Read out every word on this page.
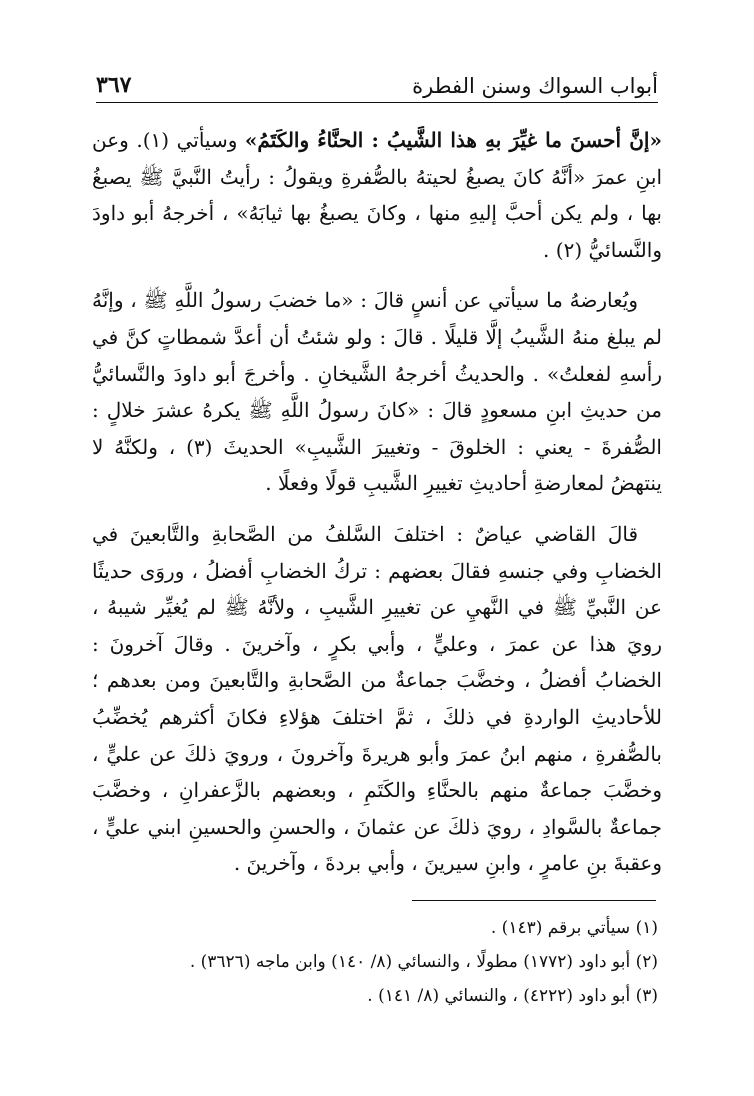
أبواب السواك وسنن الفطرة
٣٦٧

«إنَّ أحسنَ ما غيِّرَ بهِ هذا الشَّيبُ : الحنَّاءُ والكَتَمُ» وسيأتي (١). وعن ابنِ عمرَ «أنَّهُ كانَ يصبغُ لحيتهُ بالصُّفرةِ ويقولُ : رأيتُ النَّبيَّ ﷺ يصبغُ بها ، ولم يكن أحبَّ إليهِ منها ، وكانَ يصبغُ بها ثيابَهُ» ، أخرجهُ أبو داودَ والنَّسائيُّ (٢) .

ويُعارضهُ ما سيأتي عن أنسٍ قالَ : «ما خضبَ رسولُ اللَّهِ ﷺ ، وإنَّهُ لم يبلغ منهُ الشَّيبُ إلَّا قليلًا . قالَ : ولو شئتُ أن أعدَّ شمطاتٍ كنَّ في رأسهِ لفعلتُ» . والحديثُ أخرجهُ الشَّيخانِ . وأخرجَ أبو داودَ والنَّسائيُّ من حديثِ ابنِ مسعودٍ قالَ : «كانَ رسولُ اللَّهِ ﷺ يكرهُ عشرَ خلالٍ : الصُّفرةَ - يعني : الخلوقَ - وتغييرَ الشَّيبِ» الحديثَ (٣) ، ولكنَّهُ لا ينتهضُ لمعارضةِ أحاديثِ تغييرِ الشَّيبِ قولًا وفعلًا .

قالَ القاضي عياضٌ : اختلفَ السَّلفُ من الصَّحابةِ والتَّابعينَ في الخضابِ وفي جنسهِ فقالَ بعضهم : تركُ الخضابِ أفضلُ ، وروَى حديثًا عن النَّبيِّ ﷺ في النَّهيِ عن تغييرِ الشَّيبِ ، ولأنَّهُ ﷺ لم يُغيِّر شيبهُ ، رويَ هذا عن عمرَ ، وعليٍّ ، وأبي بكرٍ ، وآخرينَ . وقالَ آخرونَ : الخضابُ أفضلُ ، وخضَّبَ جماعةٌ من الصَّحابةِ والتَّابعينَ ومن بعدهم ؛ للأحاديثِ الواردةِ في ذلكَ ، ثمَّ اختلفَ هؤلاءِ فكانَ أكثرهم يُخضِّبُ بالصُّفرةِ ، منهم ابنُ عمرَ وأبو هريرةَ وآخرونَ ، ورويَ ذلكَ عن عليٍّ ، وخضَّبَ جماعةٌ منهم بالحنَّاءِ والكَتَمِ ، وبعضهم بالزَّعفرانِ ، وخضَّبَ جماعةٌ بالسَّوادِ ، رويَ ذلكَ عن عثمانَ ، والحسنِ والحسينِ ابني عليٍّ ، وعقبةَ بنِ عامرٍ ، وابنِ سيرينَ ، وأبي بردةَ ، وآخرينَ .

(١) سيأتي برقم (١٤٣) .
(٢) أبو داود (١٧٧٢) مطولًا ، والنسائي (٨/ ١٤٠) وابن ماجه (٣٦٢٦) .
(٣) أبو داود (٤٢٢٢) ، والنسائي (٨/ ١٤١) .
